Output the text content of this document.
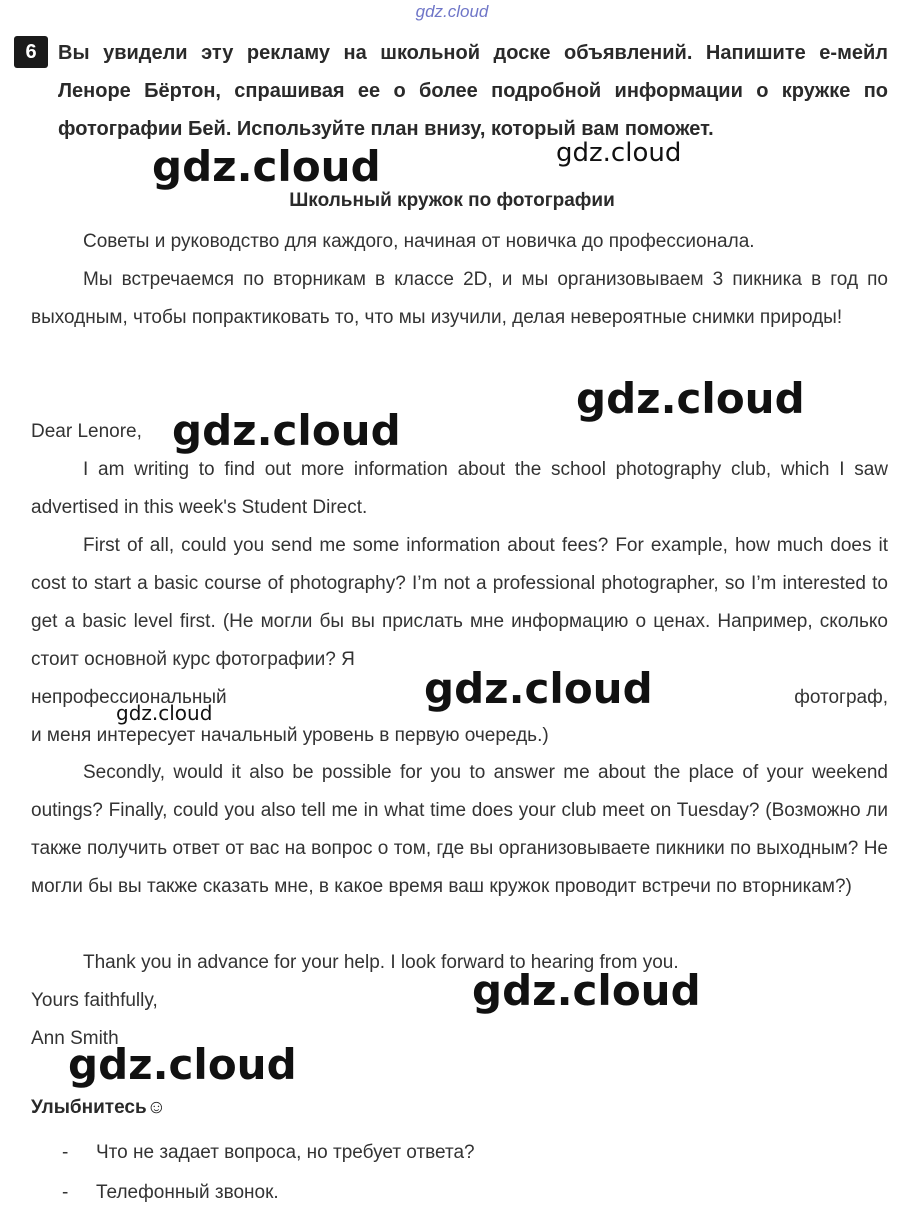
gdz.cloud
6	Вы увидели эту рекламу на школьной доске объявлений. Напишите е-мейл Леноре Бёртон, спрашивая ее о более подробной информации о кружке по фотографии Бей. Используйте план внизу, который вам поможет.
Школьный кружок по фотографии
Советы и руководство для каждого, начиная от новичка до профессионала.
Мы встречаемся по вторникам в классе 2D, и мы организовываем 3 пикника в год по выходным, чтобы попрактиковать то, что мы изучили, делая невероятные снимки природы!
Dear Lenore,
I am writing to find out more information about the school photography club, which I saw advertised in this week's Student Direct.
First of all, could you send me some information about fees? For example, how much does it cost to start a basic course of photography? I’m not a professional photographer, so I’m interested to get a basic level first. (Не могли бы вы прислать мне информацию о ценах. Например, сколько стоит основной курс фотографии? Я
непрофессиональный	фотограф,
и меня интересует начальный уровень в первую очередь.)
Secondly, would it also be possible for you to answer me about the place of your weekend outings? Finally, could you also tell me in what time does your club meet on Tuesday? (Возможно ли также получить ответ от вас на вопрос о том, где вы организовываете пикники по выходным? Не могли бы вы также сказать мне, в какое время ваш кружок проводит встречи по вторникам?)
Thank you in advance for your help. I look forward to hearing from you.
Yours faithfully,
Ann Smith
Улыбнитесь☺
- Что не задает вопроса, но требует ответа?
- Телефонный звонок.
gdz.cloud	gdz.cloud
gdz.cloud
gdz.cloud
gdz.cloud
gdz.cloud
gdz.cloud
gdz.cloud
